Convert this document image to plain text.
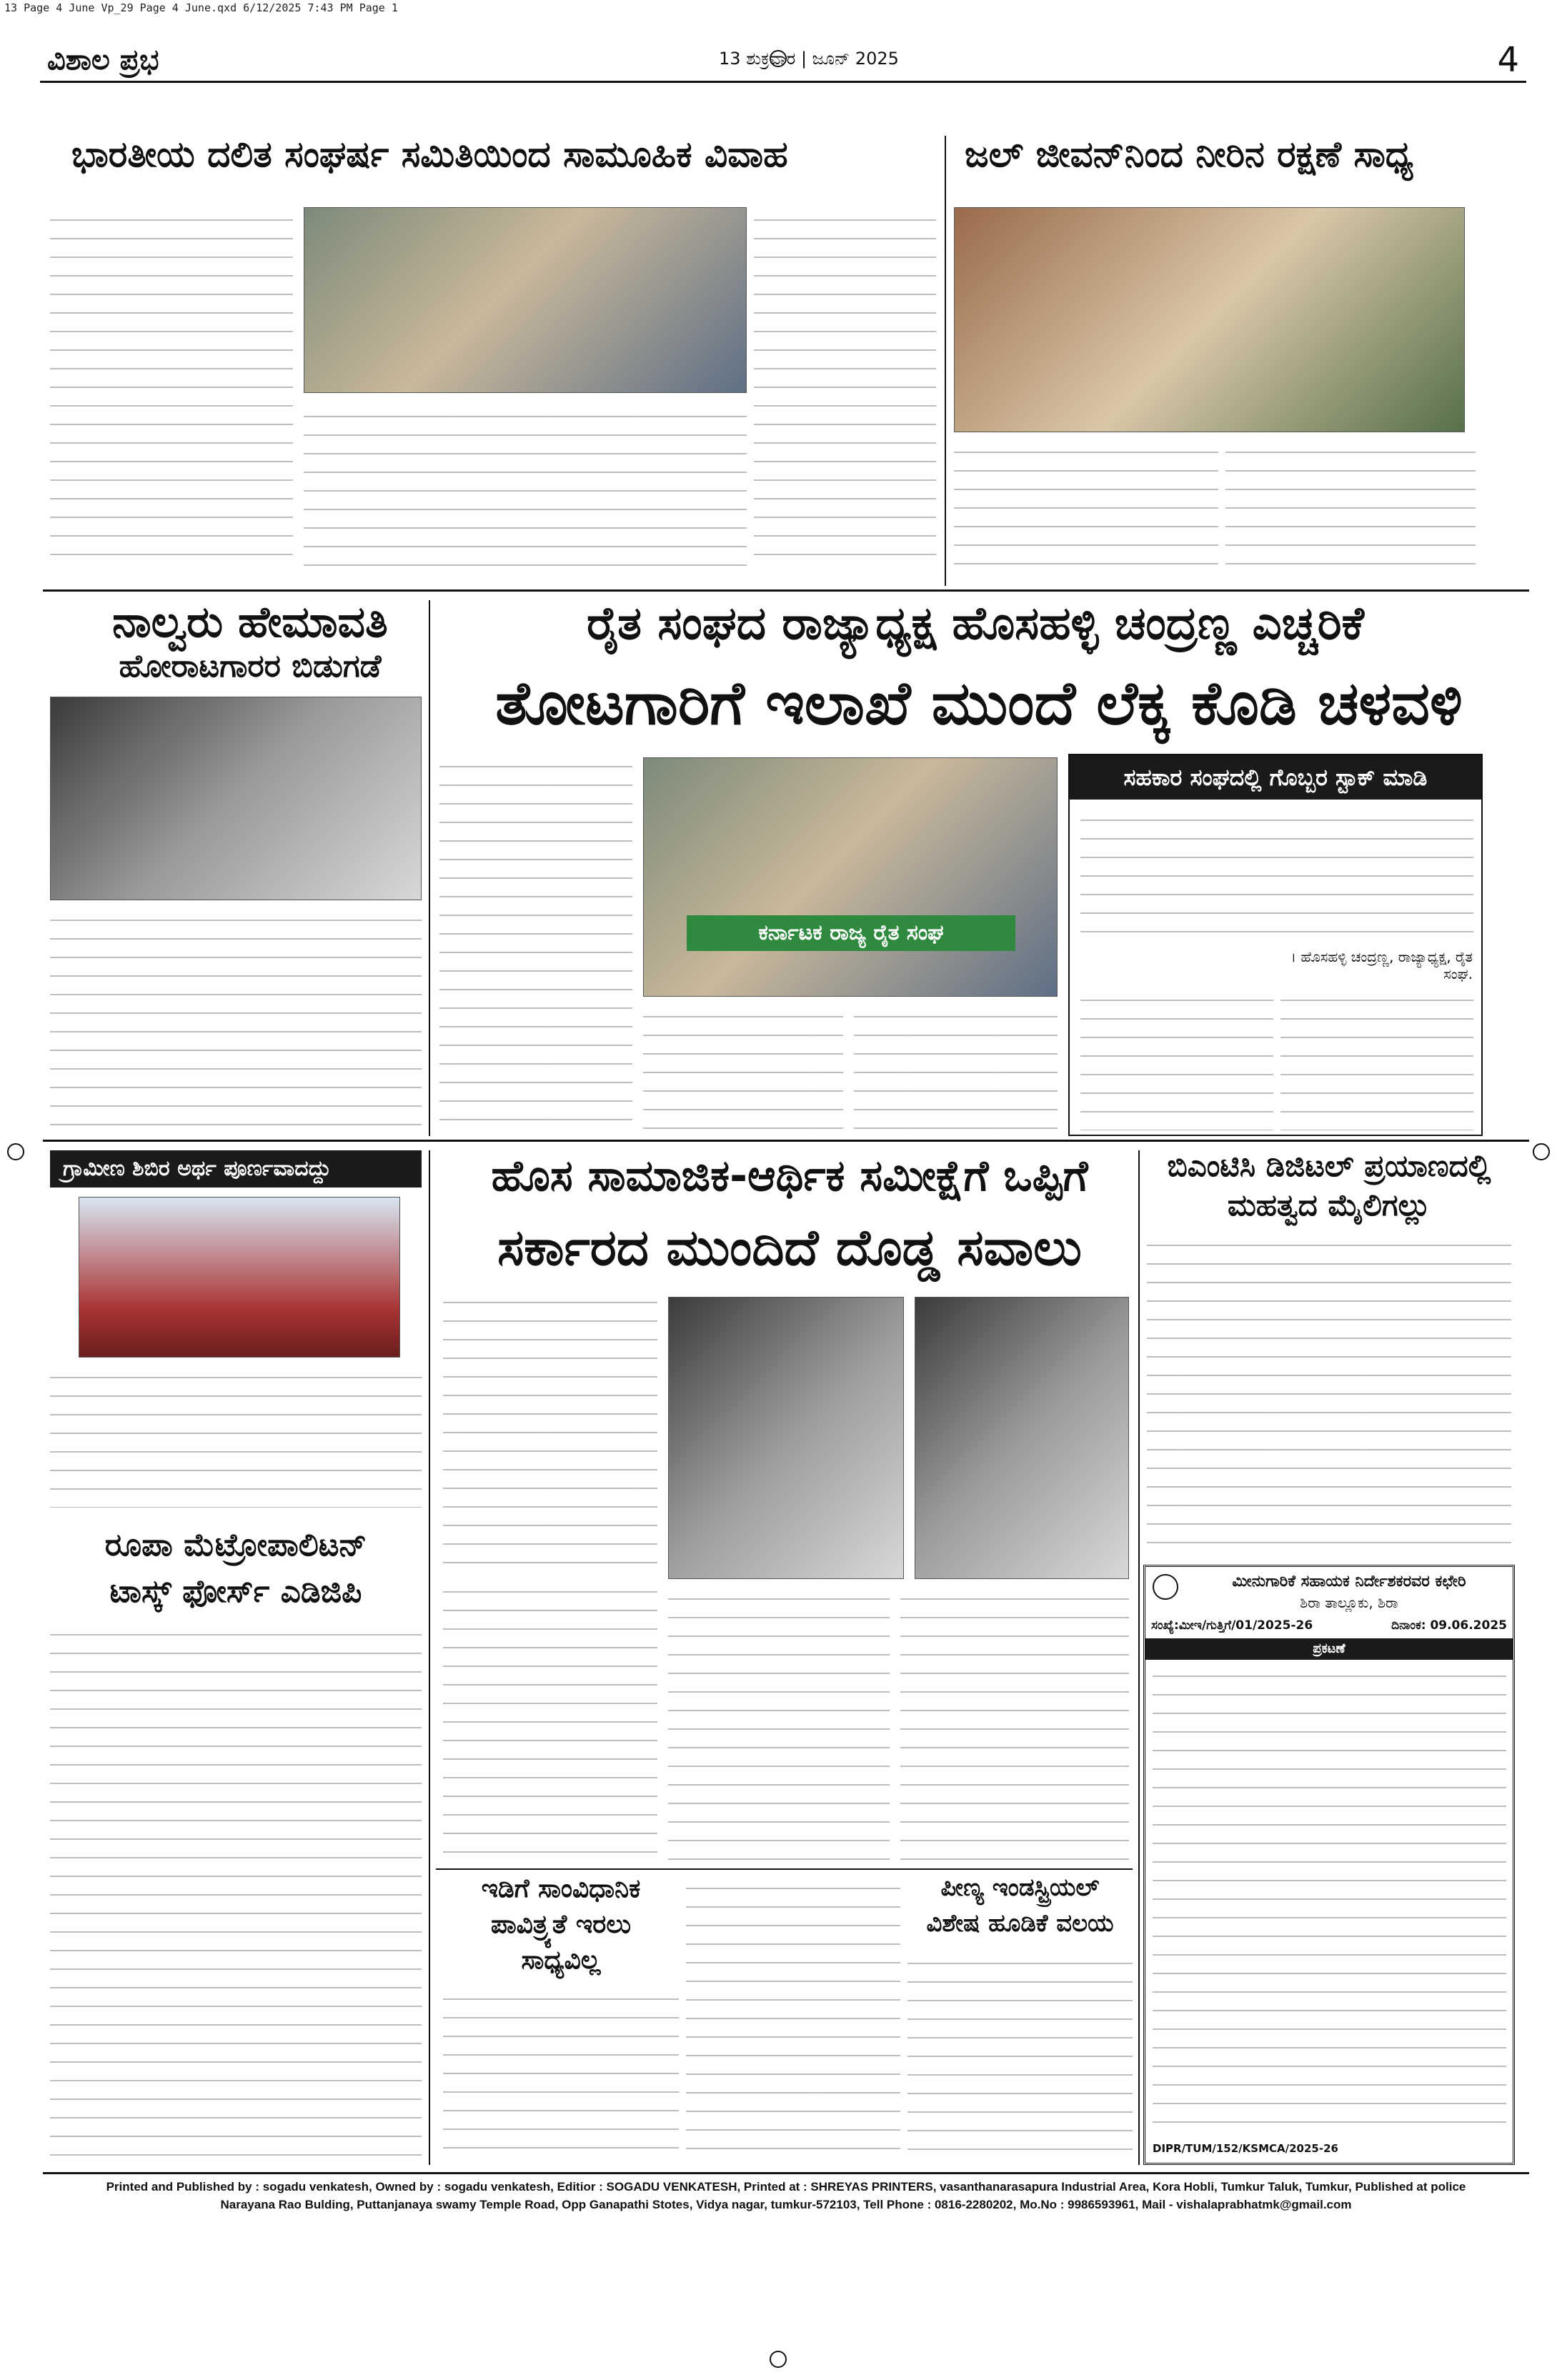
13 Page 4 June Vp_29 Page 4 June.qxd 6/12/2025 7:43 PM Page 1
ವಿಶಾಲ ಪ್ರಭ	13 ಶುಕ್ರವಾರ | ಜೂನ್ 2025	4
ಭಾರತೀಯ ದಲಿತ ಸಂಘರ್ಷ ಸಮಿತಿಯಿಂದ ಸಾಮೂಹಿಕ ವಿವಾಹ	ಜಲ್ ಜೀವನ್‌ನಿಂದ ನೀರಿನ ರಕ್ಷಣೆ ಸಾಧ್ಯ
ನಾಲ್ವರು ಹೇಮಾವತಿ
ಹೋರಾಟಗಾರರ ಬಿಡುಗಡೆ
ರೈತ ಸಂಘದ ರಾಜ್ಯಾಧ್ಯಕ್ಷ ಹೊಸಹಳ್ಳಿ ಚಂದ್ರಣ್ಣ ಎಚ್ಚರಿಕೆ
ತೋಟಗಾರಿಗೆ ಇಲಾಖೆ ಮುಂದೆ ಲೆಕ್ಕ ಕೊಡಿ ಚಳವಳಿ
ಕರ್ನಾಟಕ ರಾಜ್ಯ ರೈತ ಸಂಘ
ಸಹಕಾರ ಸಂಘದಲ್ಲಿ ಗೊಬ್ಬರ ಸ್ಟಾಕ್ ಮಾಡಿ
। ಹೊಸಹಳ್ಳಿ ಚಂದ್ರಣ್ಣ, ರಾಜ್ಯಾಧ್ಯಕ್ಷ, ರೈತ ಸಂಘ.
ಗ್ರಾಮೀಣ ಶಿಬಿರ ಅರ್ಥ ಪೂರ್ಣವಾದದ್ದು	ಹೊಸ ಸಾಮಾಜಿಕ-ಆರ್ಥಿಕ ಸಮೀಕ್ಷೆಗೆ ಒಪ್ಪಿಗೆ
ಸರ್ಕಾರದ ಮುಂದಿದೆ ದೊಡ್ಡ ಸವಾಲು
ಬಿಎಂಟಿಸಿ ಡಿಜಿಟಲ್ ಪ್ರಯಾಣದಲ್ಲಿ
ಮಹತ್ವದ ಮೈಲಿಗಲ್ಲು
ಮೀನುಗಾರಿಕೆ ಸಹಾಯಕ ನಿರ್ದೇಶಕರವರ ಕಛೇರಿ
ಶಿರಾ ತಾಲ್ಲೂಕು, ಶಿರಾ
ಸಂಖ್ಯೆ:ಮೀಇ/ಗುತ್ತಿಗೆ/01/2025-26	ದಿನಾಂಕ: 09.06.2025
ಪ್ರಕಟಣೆ
DIPR/TUM/152/KSMCA/2025-26
ರೂಪಾ ಮೆಟ್ರೋಪಾಲಿಟನ್
ಟಾಸ್ಕ್ ಫೋರ್ಸ್ ಎಡಿಜಿಪಿ
ಇಡಿಗೆ ಸಾಂವಿಧಾನಿಕ
ಪಾವಿತ್ರ್ಯತೆ ಇರಲು
ಸಾಧ್ಯವಿಲ್ಲ
ಪೀಣ್ಯ ಇಂಡಸ್ಟ್ರಿಯಲ್
ವಿಶೇಷ ಹೂಡಿಕೆ ವಲಯ
Printed and Published by : sogadu venkatesh, Owned by : sogadu venkatesh, Editior : SOGADU VENKATESH, Printed at : SHREYAS PRINTERS, vasanthanarasapura Industrial Area, Kora Hobli, Tumkur Taluk, Tumkur, Published at police
Narayana Rao Bulding, Puttanjanaya swamy Temple Road, Opp Ganapathi Stotes, Vidya nagar, tumkur-572103, Tell Phone : 0816-2280202, Mo.No : 9986593961, Mail - vishalaprabhatmk@gmail.com
